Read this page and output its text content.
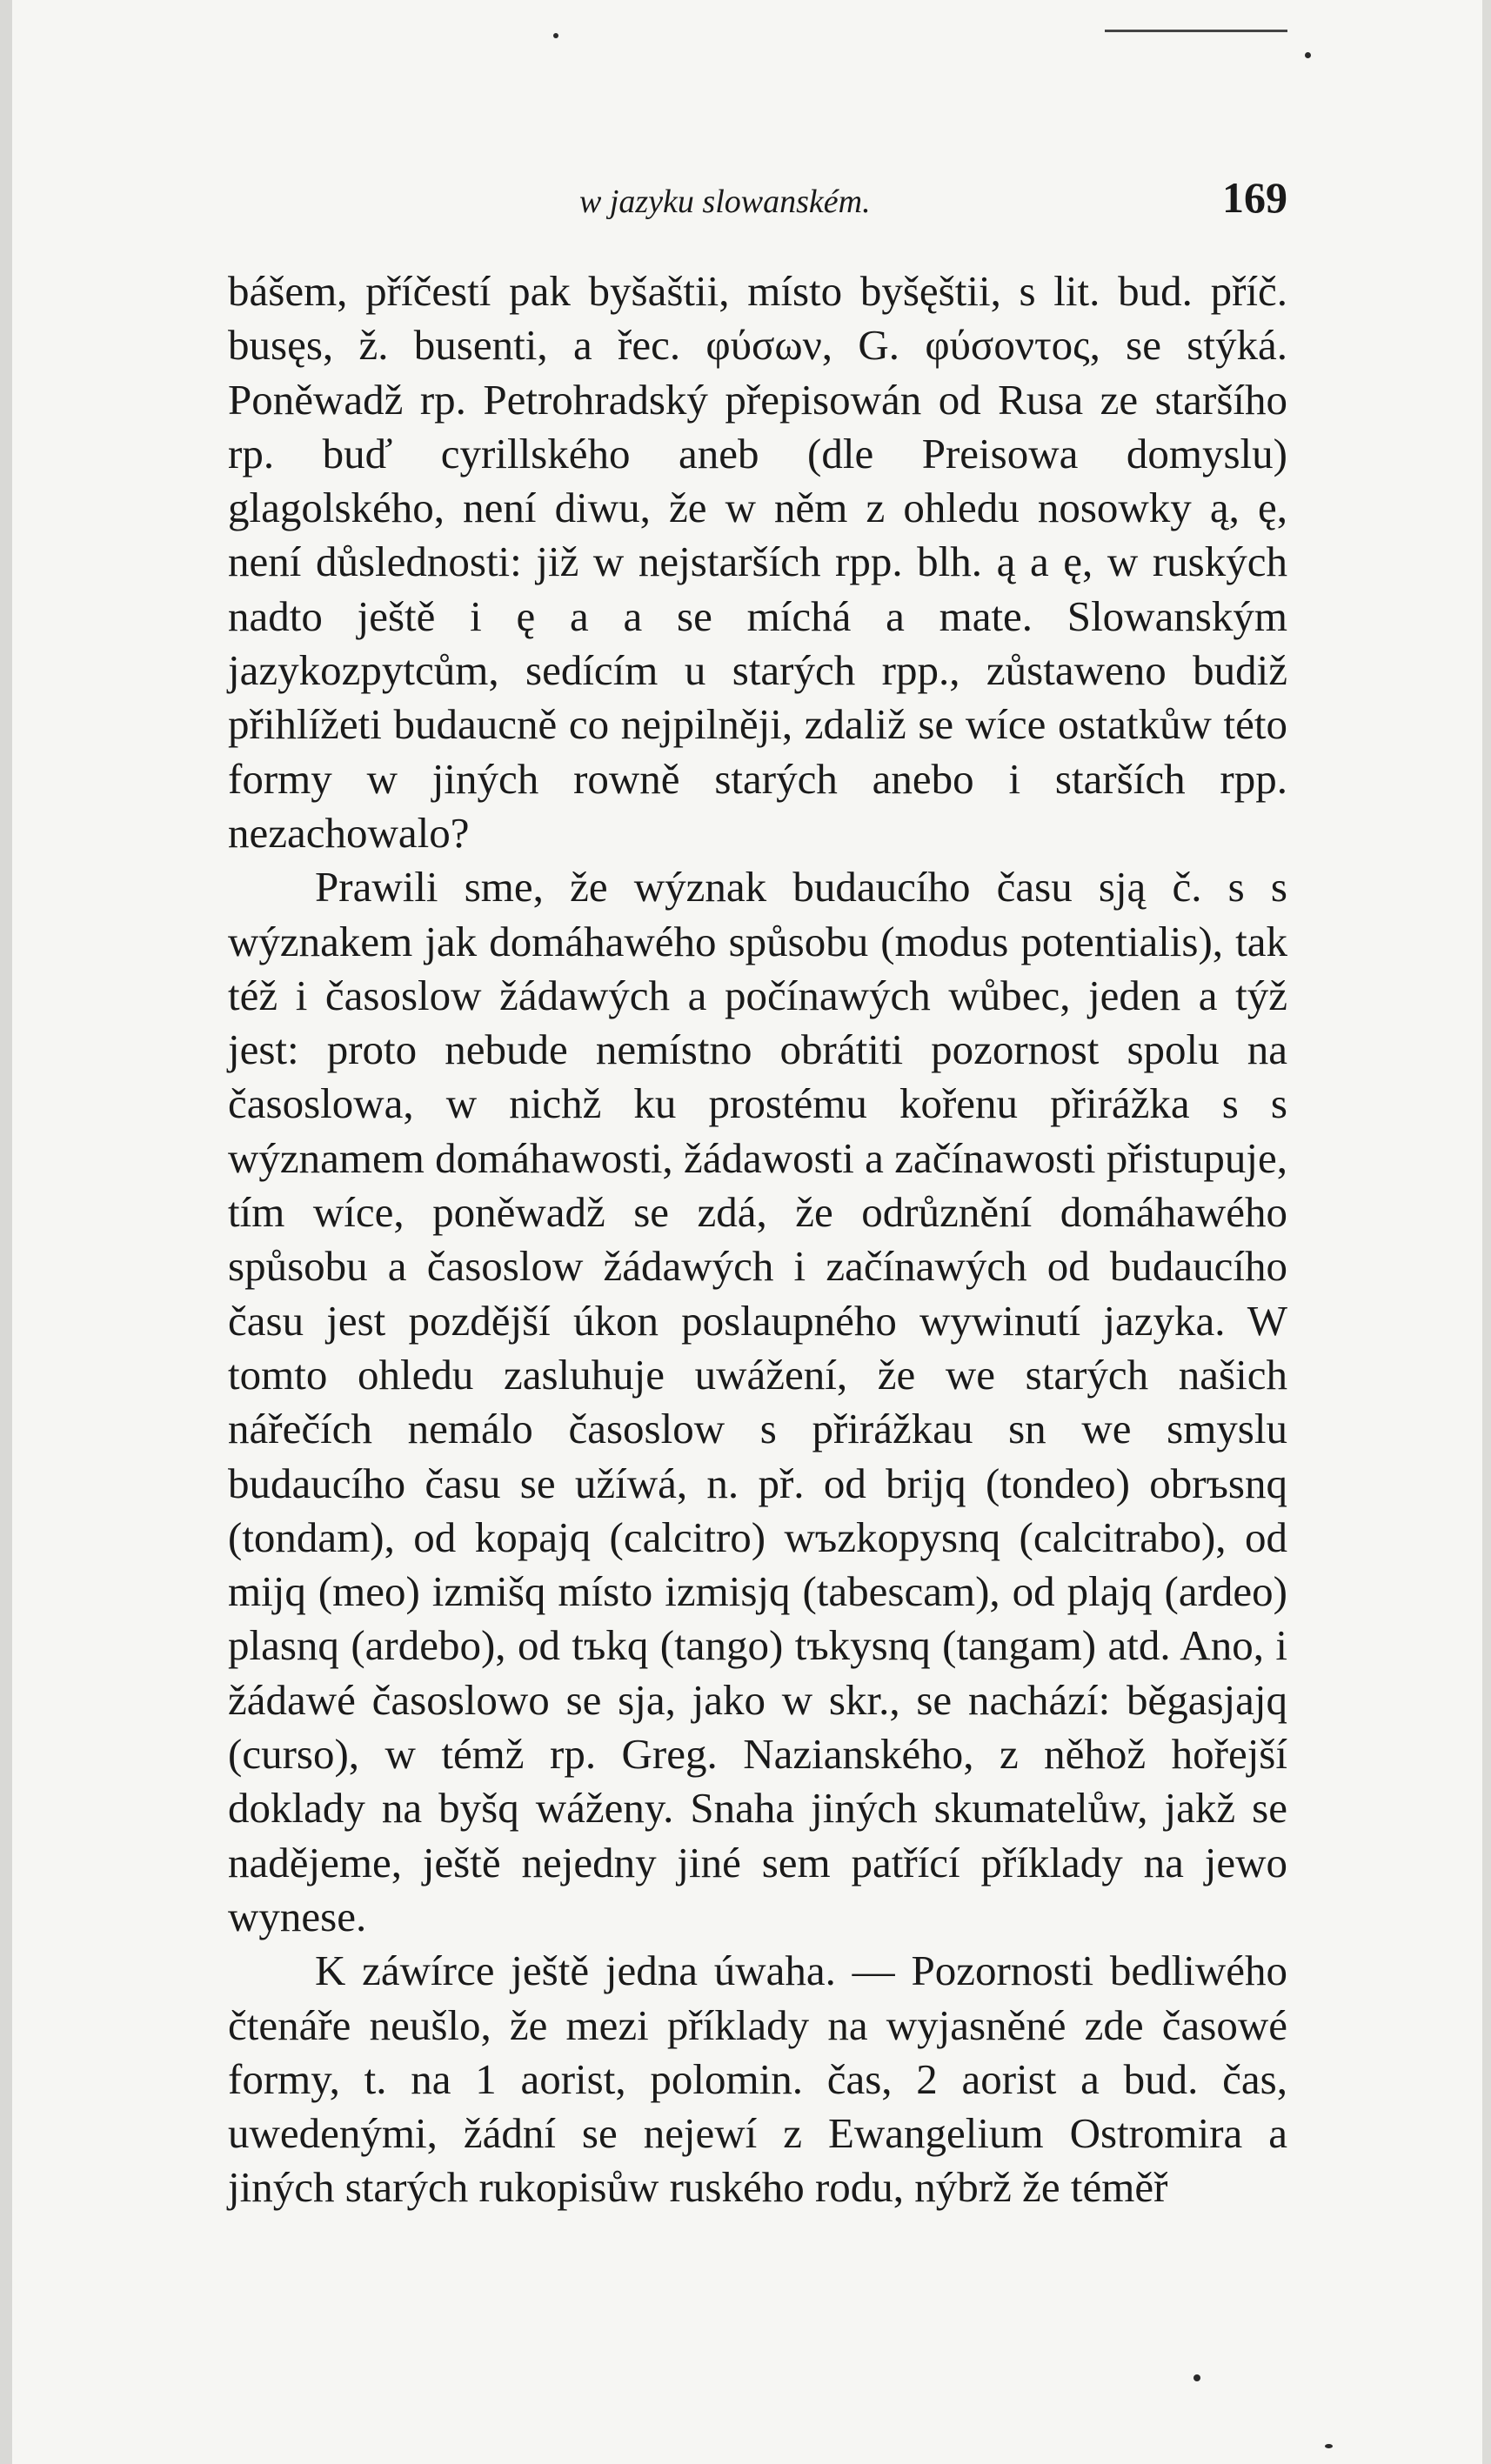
w jazyku slowanském.	169

bášem, příčestí pak byšaštii, místo byšęštii, s lit. bud. příč. busęs, ž. busenti, a řec. φύσων, G. φύσοντος, se stýká. Poněwadž rp. Petrohradský přepisowán od Rusa ze staršího rp. buď cyrillského aneb (dle Preisowa domyslu) glagolského, není diwu, že w něm z ohledu nosowky ą, ę, není důslednosti: již w nejstarších rpp. blh. ą a ę, w ruských nadto ještě i ę a a se míchá a mate. Slowanským jazykozpytcům, sedícím u starých rpp., zůstaweno budiž přihlížeti budaucně co nejpilněji, zdaliž se wíce ostatkůw této formy w jiných rowně starých anebo i starších rpp. nezachowalo?

Prawili sme, že wýznak budaucího času sją č. s s wýznakem jak domáhawého spůsobu (modus potentialis), tak též i časoslow žádawých a počínawých wůbec, jeden a týž jest: proto nebude nemístno obrátiti pozornost spolu na časoslowa, w nichž ku prostému kořenu přirážka s s wýznamem domáhawosti, žádawosti a začínawosti přistupuje, tím wíce, poněwadž se zdá, že odrůznění domáhawého spůsobu a časoslow žádawých i začínawých od budaucího času jest pozdější úkon poslaupného wywinutí jazyka. W tomto ohledu zasluhuje uwážení, že we starých našich nářečích nemálo časoslow s přirážkau sn we smyslu budaucího času se užíwá, n. př. od brijq (tondeo) obrъsnq (tondam), od kopajq (calcitro) wъzkopysnq (calcitrabo), od mijq (meo) izmišq místo izmisjq (tabescam), od plajq (ardeo) plasnq (ardebo), od tъkq (tango) tъkysnq (tangam) atd. Ano, i žádawé časoslowo se sja, jako w skr., se nachází: běgasjajq (curso), w témž rp. Greg. Nazianského, z něhož hořejší doklady na byšq wáženy. Snaha jiných skumatelůw, jakž se nadějeme, ještě nejedny jiné sem patřící příklady na jewo wynese.

K záwírce ještě jedna úwaha. — Pozornosti bedliwého čtenáře neušlo, že mezi příklady na wyjasněné zde časowé formy, t. na 1 aorist, polomin. čas, 2 aorist a bud. čas, uwedenými, žádní se nejewí z Ewangelium Ostromira a jiných starých rukopisůw ruského rodu, nýbrž že téměř
